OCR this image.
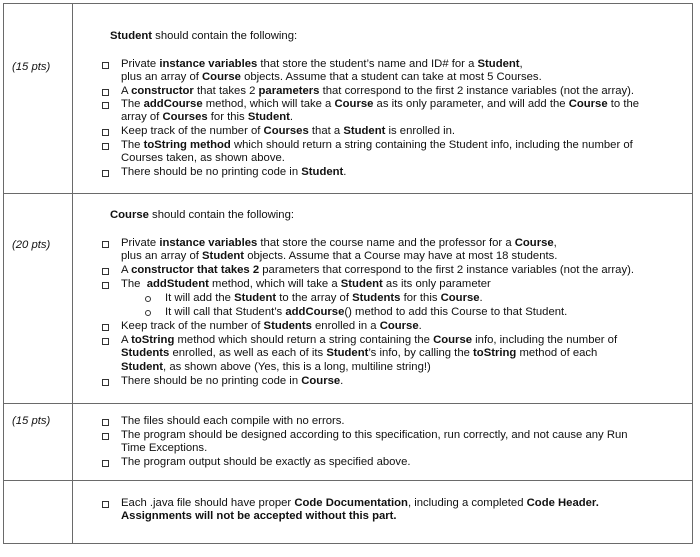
(15 pts)
Student should contain the following:
Private instance variables that store the student’s name and ID# for a Student,
plus an array of Course objects. Assume that a student can take at most 5 Courses.
A constructor that takes 2 parameters that correspond to the first 2 instance variables (not the array).
The addCourse method, which will take a Course as its only parameter, and will add the Course to the
array of Courses for this Student.
Keep track of the number of Courses that a Student is enrolled in.
The toString method which should return a string containing the Student info, including the number of
Courses taken, as shown above.
There should be no printing code in Student.
(20 pts)
Course should contain the following:
Private instance variables that store the course name and the professor for a Course,
plus an array of Student objects. Assume that a Course may have at most 18 students.
A constructor that takes 2 parameters that correspond to the first 2 instance variables (not the array).
The  addStudent method, which will take a Student as its only parameter
It will add the Student to the array of Students for this Course.
It will call that Student’s addCourse() method to add this Course to that Student.
Keep track of the number of Students enrolled in a Course.
A toString method which should return a string containing the Course info, including the number of
Students enrolled, as well as each of its Student’s info, by calling the toString method of each
Student, as shown above (Yes, this is a long, multiline string!)
There should be no printing code in Course.
(15 pts)	The files should each compile with no errors.
The program should be designed according to this specification, run correctly, and not cause any Run
Time Exceptions.
The program output should be exactly as specified above.
Each .java file should have proper Code Documentation, including a completed Code Header.
Assignments will not be accepted without this part.
